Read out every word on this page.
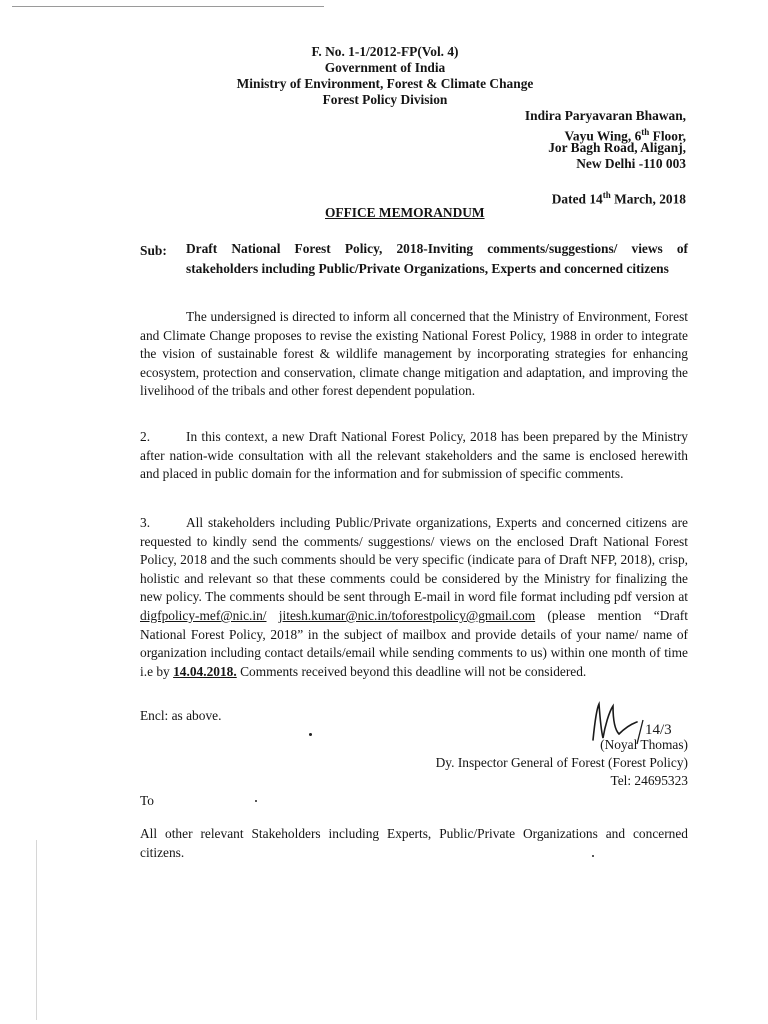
F. No. 1-1/2012-FP(Vol. 4)
Government of India
Ministry of Environment, Forest & Climate Change
Forest Policy Division
Indira Paryavaran Bhawan,
Vayu Wing, 6th Floor,
Jor Bagh Road, Aliganj,
New Delhi -110 003
Dated 14th March, 2018
OFFICE MEMORANDUM
Sub: Draft National Forest Policy, 2018-Inviting comments/suggestions/ views of stakeholders including Public/Private Organizations, Experts and concerned citizens
The undersigned is directed to inform all concerned that the Ministry of Environment, Forest and Climate Change proposes to revise the existing National Forest Policy, 1988 in order to integrate the vision of sustainable forest & wildlife management by incorporating strategies for enhancing ecosystem, protection and conservation, climate change mitigation and adaptation, and improving the livelihood of the tribals and other forest dependent population.
2.	In this context, a new Draft National Forest Policy, 2018 has been prepared by the Ministry after nation-wide consultation with all the relevant stakeholders and the same is enclosed herewith and placed in public domain for the information and for submission of specific comments.
3.	All stakeholders including Public/Private organizations, Experts and concerned citizens are requested to kindly send the comments/ suggestions/ views on the enclosed Draft National Forest Policy, 2018 and the such comments should be very specific (indicate para of Draft NFP, 2018), crisp, holistic and relevant so that these comments could be considered by the Ministry for finalizing the new policy. The comments should be sent through E-mail in word file format including pdf version at digfpolicy-mef@nic.in/ jitesh.kumar@nic.in/toforestpolicy@gmail.com (please mention “Draft National Forest Policy, 2018” in the subject of mailbox and provide details of your name/ name of organization including contact details/email while sending comments to us) within one month of time i.e by 14.04.2018. Comments received beyond this deadline will not be considered.
Encl: as above.
14/3
(Noyal Thomas)
Dy. Inspector General of Forest (Forest Policy)
Tel: 24695323
To
All other relevant Stakeholders including Experts, Public/Private Organizations and concerned citizens.
